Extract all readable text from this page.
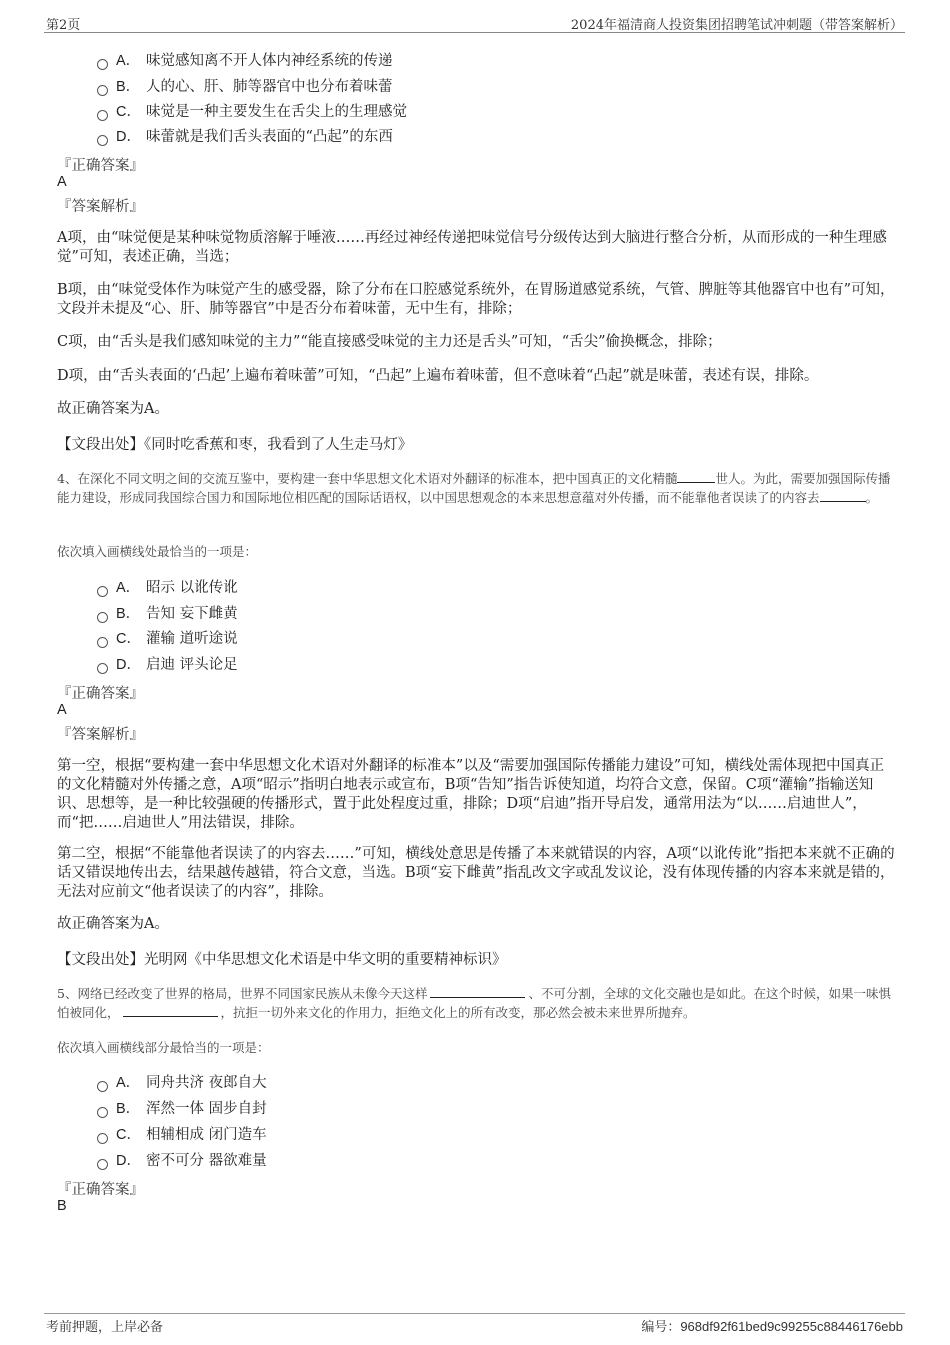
第2页	2024年福清商人投资集团招聘笔试冲刺题（带答案解析）
A． 味觉感知离不开人体内神经系统的传递
B． 人的心、肝、肺等器官中也分布着味蕾
C． 味觉是一种主要发生在舌尖上的生理感觉
D． 味蕾就是我们舌头表面的“凸起”的东西
『正确答案』
A
『答案解析』
A项，由“味觉便是某种味觉物质溶解于唾液……再经过神经传递把味觉信号分级传达到大脑进行整合分析，从而形成的一种生理感觉”可知，表述正确，当选；
B项，由“味觉受体作为味觉产生的感受器，除了分布在口腔感觉系统外，在胃肠道感觉系统，气管、脾脏等其他器官中也有”可知，文段并未提及“心、肝、肺等器官”中是否分布着味蕾，无中生有，排除；
C项，由“舌头是我们感知味觉的主力”“能直接感受味觉的主力还是舌头”可知，“舌尖”偷换概念，排除；
D项，由“舌头表面的‘凸起’上遍布着味蕾”可知，“凸起”上遍布着味蕾，但不意味着“凸起”就是味蕾，表述有误，排除。
故正确答案为A。
【文段出处】《同时吃香蕉和枣，我看到了人生走马灯》
4、在深化不同文明之间的交流互鉴中，要构建一套中华思想文化术语对外翻译的标准本，把中国真正的文化精髓	世人。为此，需要加强国际传播能力建设，形成同我国综合国力和国际地位相匹配的国际话语权，以中国思想观念的本来思想意蕴对外传播，而不能靠他者误读了的内容去	。
依次填入画横线处最恰当的一项是：
A． 昭示 以讹传讹
B． 告知 妄下雌黄
C． 灌输 道听途说
D． 启迪 评头论足
『正确答案』
A
『答案解析』
第一空，根据“要构建一套中华思想文化术语对外翻译的标准本”以及“需要加强国际传播能力建设”可知，横线处需体现把中国真正的文化精髓对外传播之意，A项“昭示”指明白地表示或宣布，B项“告知”指告诉使知道，均符合文意，保留。C项“灌输”指输送知识、思想等，是一种比较强硬的传播形式，置于此处程度过重，排除；D项“启迪”指开导启发，通常用法为“以……启迪世人”，而“把……启迪世人”用法错误，排除。
第二空，根据“不能靠他者误读了的内容去……”可知，横线处意思是传播了本来就错误的内容，A项“以讹传讹”指把本来就不正确的话又错误地传出去，结果越传越错，符合文意，当选。B项“妄下雌黄”指乱改文字或乱发议论，没有体现传播的内容本来就是错的，无法对应前文“他者误读了的内容”，排除。
故正确答案为A。
【文段出处】光明网《中华思想文化术语是中华文明的重要精神标识》
5、网络已经改变了世界的格局，世界不同国家民族从未像今天这样	、不可分割，全球的文化交融也是如此。在这个时候，如果一味惧怕被同化，	，抗拒一切外来文化的作用力，拒绝文化上的所有改变，那必然会被未来世界所抛弃。
依次填入画横线部分最恰当的一项是：
A． 同舟共济 夜郎自大
B． 浑然一体 固步自封
C． 相辅相成 闭门造车
D． 密不可分 器欲难量
『正确答案』
B
考前押题，上岸必备	编号：968df92f61bed9c99255c88446176ebb
